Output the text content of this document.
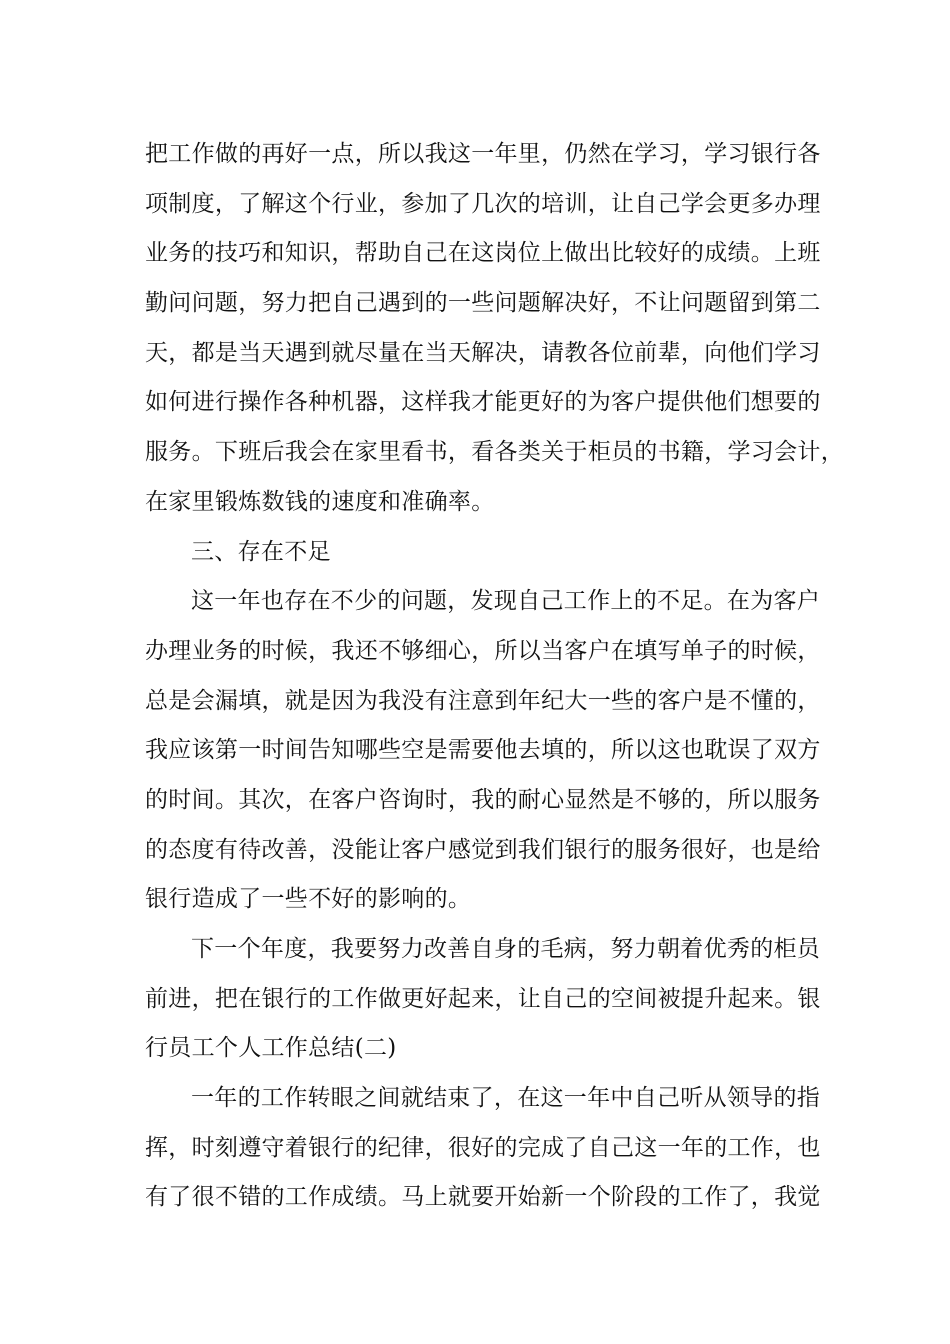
把工作做的再好一点，所以我这一年里，仍然在学习，学习银行各
项制度，了解这个行业，参加了几次的培训，让自己学会更多办理
业务的技巧和知识，帮助自己在这岗位上做出比较好的成绩。上班
勤问问题，努力把自己遇到的一些问题解决好，不让问题留到第二
天，都是当天遇到就尽量在当天解决，请教各位前辈，向他们学习
如何进行操作各种机器，这样我才能更好的为客户提供他们想要的
服务。下班后我会在家里看书，看各类关于柜员的书籍，学习会计，
在家里锻炼数钱的速度和准确率。
三、存在不足
这一年也存在不少的问题，发现自己工作上的不足。在为客户
办理业务的时候，我还不够细心，所以当客户在填写单子的时候，
总是会漏填，就是因为我没有注意到年纪大一些的客户是不懂的，
我应该第一时间告知哪些空是需要他去填的，所以这也耽误了双方
的时间。其次，在客户咨询时，我的耐心显然是不够的，所以服务
的态度有待改善，没能让客户感觉到我们银行的服务很好，也是给
银行造成了一些不好的影响的。
下一个年度，我要努力改善自身的毛病，努力朝着优秀的柜员
前进，把在银行的工作做更好起来，让自己的空间被提升起来。银
行员工个人工作总结(二)
一年的工作转眼之间就结束了，在这一年中自己听从领导的指
挥，时刻遵守着银行的纪律，很好的完成了自己这一年的工作，也
有了很不错的工作成绩。马上就要开始新一个阶段的工作了，我觉
